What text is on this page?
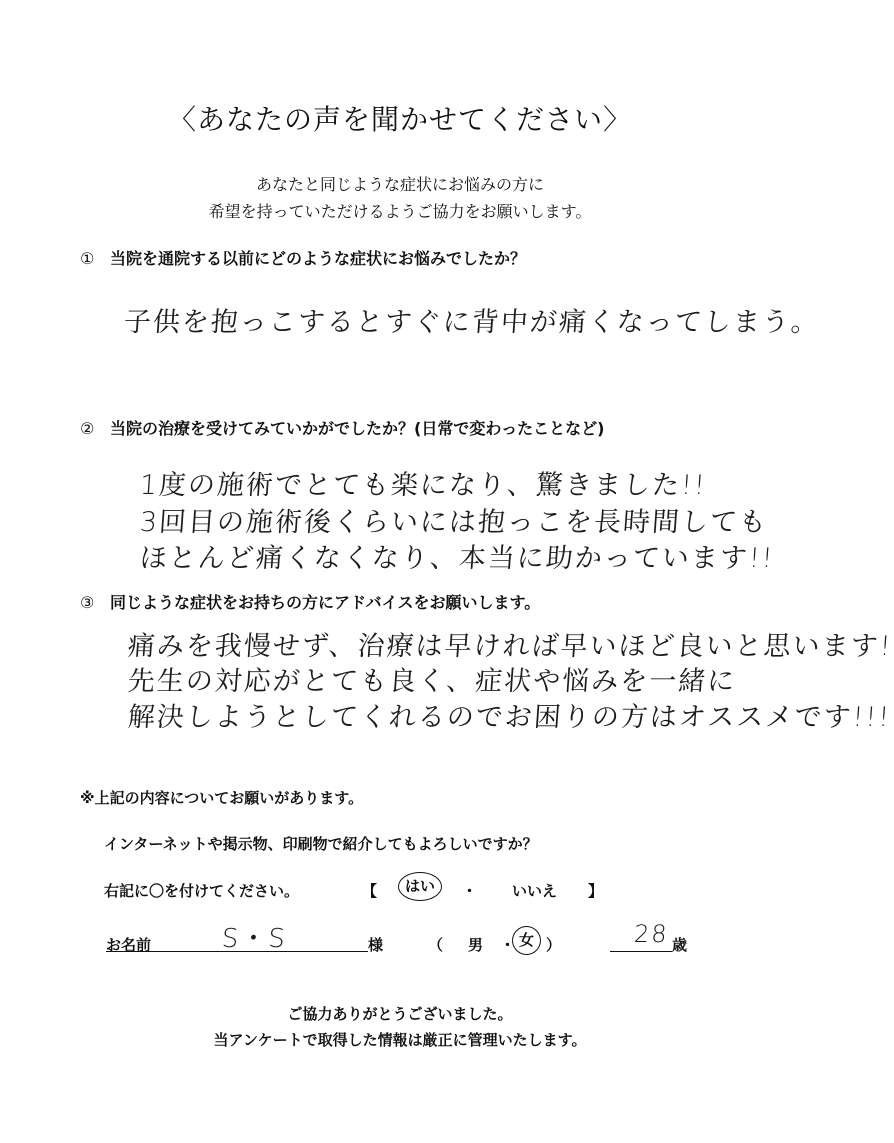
〈あなたの声を聞かせてください〉
あなたと同じような症状にお悩みの方に
希望を持っていただけるようご協力をお願いします。
① 当院を通院する以前にどのような症状にお悩みでしたか？
子供を抱っこするとすぐに背中が痛くなってしまう。
② 当院の治療を受けてみていかがでしたか？(日常で変わったことなど)
1度の施術でとても楽になり、驚きました!!
3回目の施術後くらいには抱っこを長時間しても
ほとんど痛くなくなり、本当に助かっています!!
③ 同じような症状をお持ちの方にアドバイスをお願いします。
痛みを我慢せず、治療は早ければ早いほど良いと思います!
先生の対応がとても良く、症状や悩みを一緒に
解決しようとしてくれるのでお困りの方はオススメです!!!
※上記の内容についてお願いがあります。
インターネットや掲示物、印刷物で紹介してもよろしいですか？
右記に〇を付けてください。	【	はい	・ いいえ 】
お名前	S・S	様	（ 男 ・ 女 ）	28 歳
ご協力ありがとうございました。
当アンケートで取得した情報は厳正に管理いたします。
